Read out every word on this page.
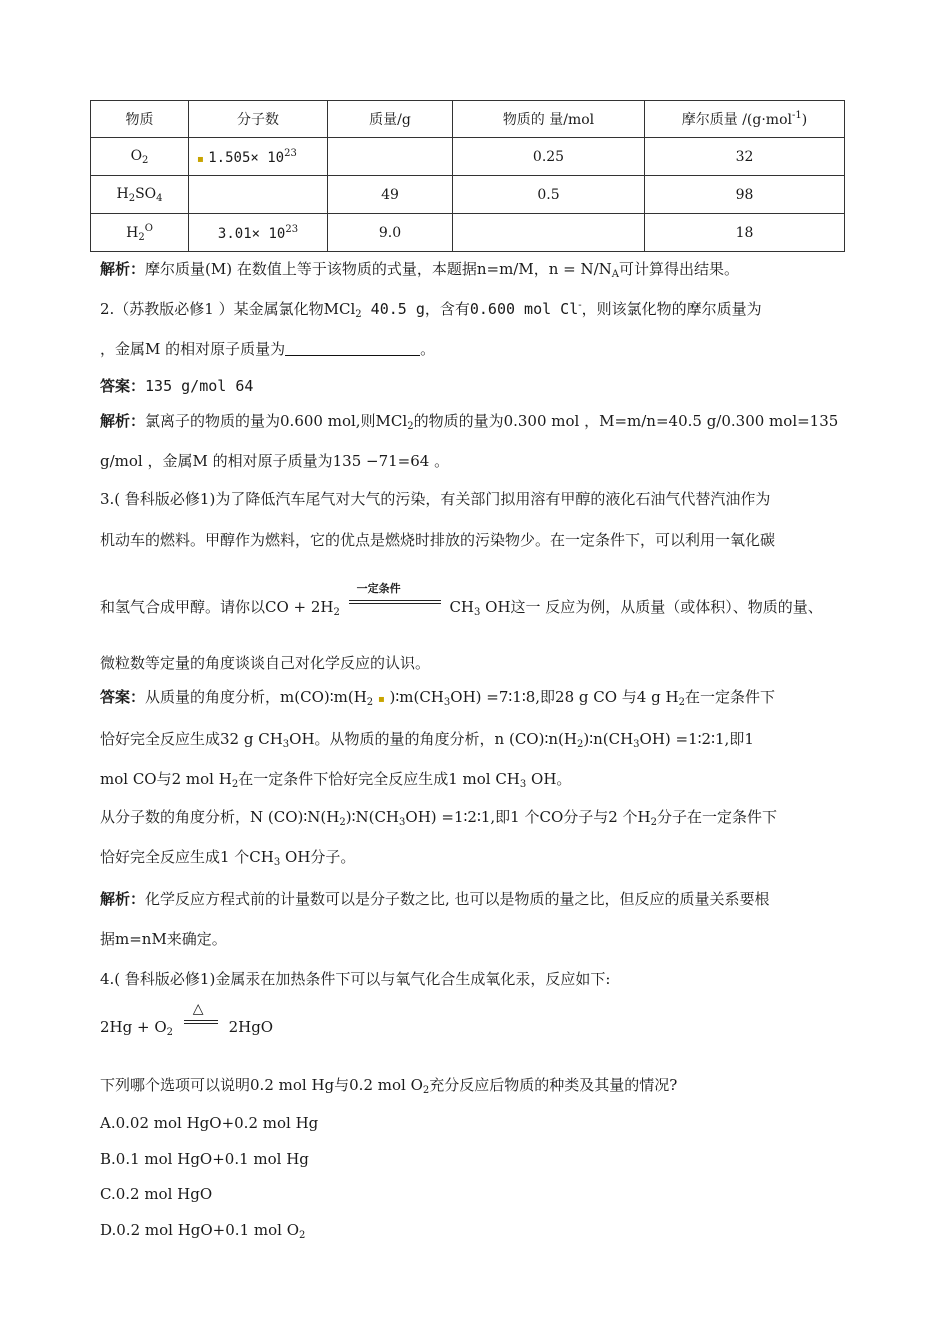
物质	分子数	质量/g	物质的 量/mol	摩尔质量 /(g·mol$^{-1}$)
$O_2$	▪ $1.505\times 10^{23}$		0.25	32
$H_2SO_4$		49	0.5	98
$H_2^O$	$3.01\times 10^{23}$	9.0		18
解析：摩尔质量(M) 在数值上等于该物质的式量，本题据n=m/M，$n = N/N_A$可计算得出结果。
2.（苏教版必修1 ）某金属氯化物MCl$_2$ 40.5 g，含有0.600 mol Cl-，则该氯化物的摩尔质量为
，金属M 的相对原子质量为	。
答案：135 g/mol 64
解析：氯离子的物质的量为0.600 mol,则MCl$_2$的物质的量为0.300 mol ，M=m/n=40.5 g/0.300 mol=135
g/mol ，金属M 的相对原子质量为135 −71=64 。
3.( 鲁科版必修1)为了降低汽车尾气对大气的污染，有关部门拟用溶有甲醇的液化石油气代替汽油作为
机动车的燃料。甲醇作为燃料，它的优点是燃烧时排放的污染物少。在一定条件下，可以利用一氧化碳
和氢气合成甲醇。请你以CO + $2H_2$
一定条件
$CH_3$ OH这一 反应为例，从质量（或体积）、物质的量、
微粒数等定量的角度谈谈自己对化学反应的认识。
答案：从质量的角度分析，$m(CO)∶m(H_2$ ▪ )$∶m(CH_3OH)$ =7∶1∶8,即28 g CO 与4 g $H_2$在一定条件下
恰好完全反应生成32 g $CH_3OH$。从物质的量的角度分析，n $(CO)∶n(H_2)∶n(CH_3OH)$ =1∶2∶1,即1
mol CO与2 mol $H_2$在一定条件下恰好完全反应生成1 mol $CH_3$ OH。
从分子数的角度分析，N $(CO)∶N(H_2)∶N(CH_3OH)$ =1∶2∶1,即1 个CO分子与2 个$H_2$分子在一定条件下
恰好完全反应生成1 个$CH_3$ OH分子。
解析：化学反应方程式前的计量数可以是分子数之比, 也可以是物质的量之比，但反应的质量关系要根
据m=nM来确定。
4.( 鲁科版必修1)金属汞在加热条件下可以与氧气化合生成氧化汞，反应如下:
$2Hg + O_2$
△
2HgO
下列哪个选项可以说明0.2 mol Hg与0.2 mol $O_2$充分反应后物质的种类及其量的情况?
A.0.02 mol HgO+0.2 mol Hg
B.0.1 mol HgO+0.1 mol Hg
C.0.2 mol HgO
D.0.2 mol HgO+0.1 mol $O_2$
